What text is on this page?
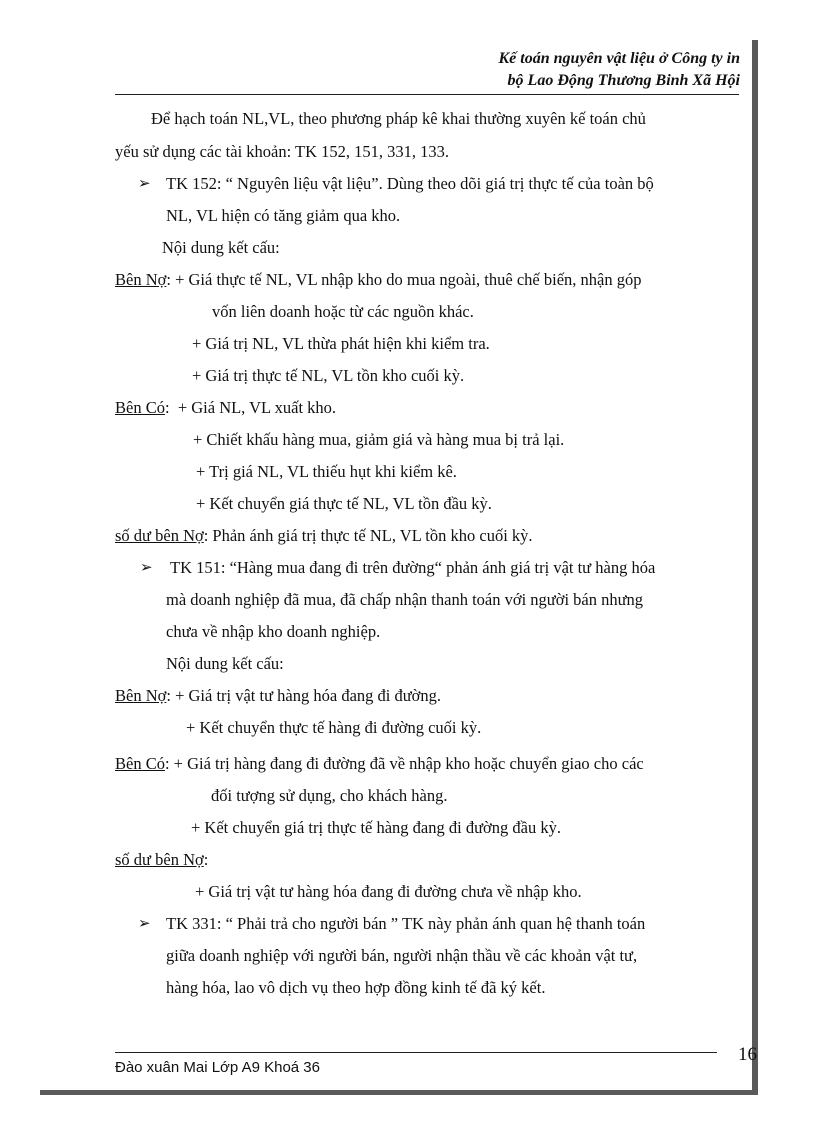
Kế toán nguyên vật liệu ở Công ty in
bộ Lao Động Thương Binh Xã Hội
Để hạch toán NL,VL, theo phương pháp kê khai thường xuyên kế toán chủ
yếu sử dụng các tài khoản: TK 152, 151, 331, 133.
➢ TK 152: “ Nguyên liệu vật liệu”. Dùng theo dõi giá trị thực tế của toàn bộ
NL, VL hiện có tăng giảm qua kho.
Nội dung kết cấu:
Bên Nợ: + Giá thực tế NL, VL nhập kho do mua ngoài, thuê chế biến, nhận góp
vốn liên doanh hoặc từ các nguồn khác.
+ Giá trị NL, VL thừa phát hiện khi kiểm tra.
+ Giá trị thực tế NL, VL tồn kho cuối kỳ.
Bên Có:  + Giá NL, VL xuất kho.
+ Chiết khấu hàng mua, giảm giá và hàng mua bị trả lại.
+ Trị giá NL, VL thiếu hụt khi kiểm kê.
+ Kết chuyển giá thực tế NL, VL tồn đầu kỳ.
số dư bên Nợ: Phản ánh giá trị thực tế NL, VL tồn kho cuối kỳ.
➢ TK 151: “Hàng mua đang đi trên đường“ phản ánh giá trị vật tư hàng hóa
mà doanh nghiệp đã mua, đã chấp nhận thanh toán với người bán nhưng
chưa về nhập kho doanh nghiệp.
Nội dung kết cấu:
Bên Nợ: + Giá trị vật tư hàng hóa đang đi đường.
+ Kết chuyển thực tế hàng đi đường cuối kỳ.
Bên Có: + Giá trị hàng đang đi đường đã về nhập kho hoặc chuyển giao cho các
đối tượng sử dụng, cho khách hàng.
+ Kết chuyển giá trị thực tế hàng đang đi đường đầu kỳ.
số dư bên Nợ:
+ Giá trị vật tư hàng hóa đang đi đường chưa về nhập kho.
➢ TK 331: “ Phải trả cho người bán ” TK này phản ánh quan hệ thanh toán
giữa doanh nghiệp với người bán, người nhận thầu về các khoản vật tư,
hàng hóa, lao vô dịch vụ theo hợp đồng kinh tế đã ký kết.
Đào xuân Mai Lớp A9 Khoá 36
16
